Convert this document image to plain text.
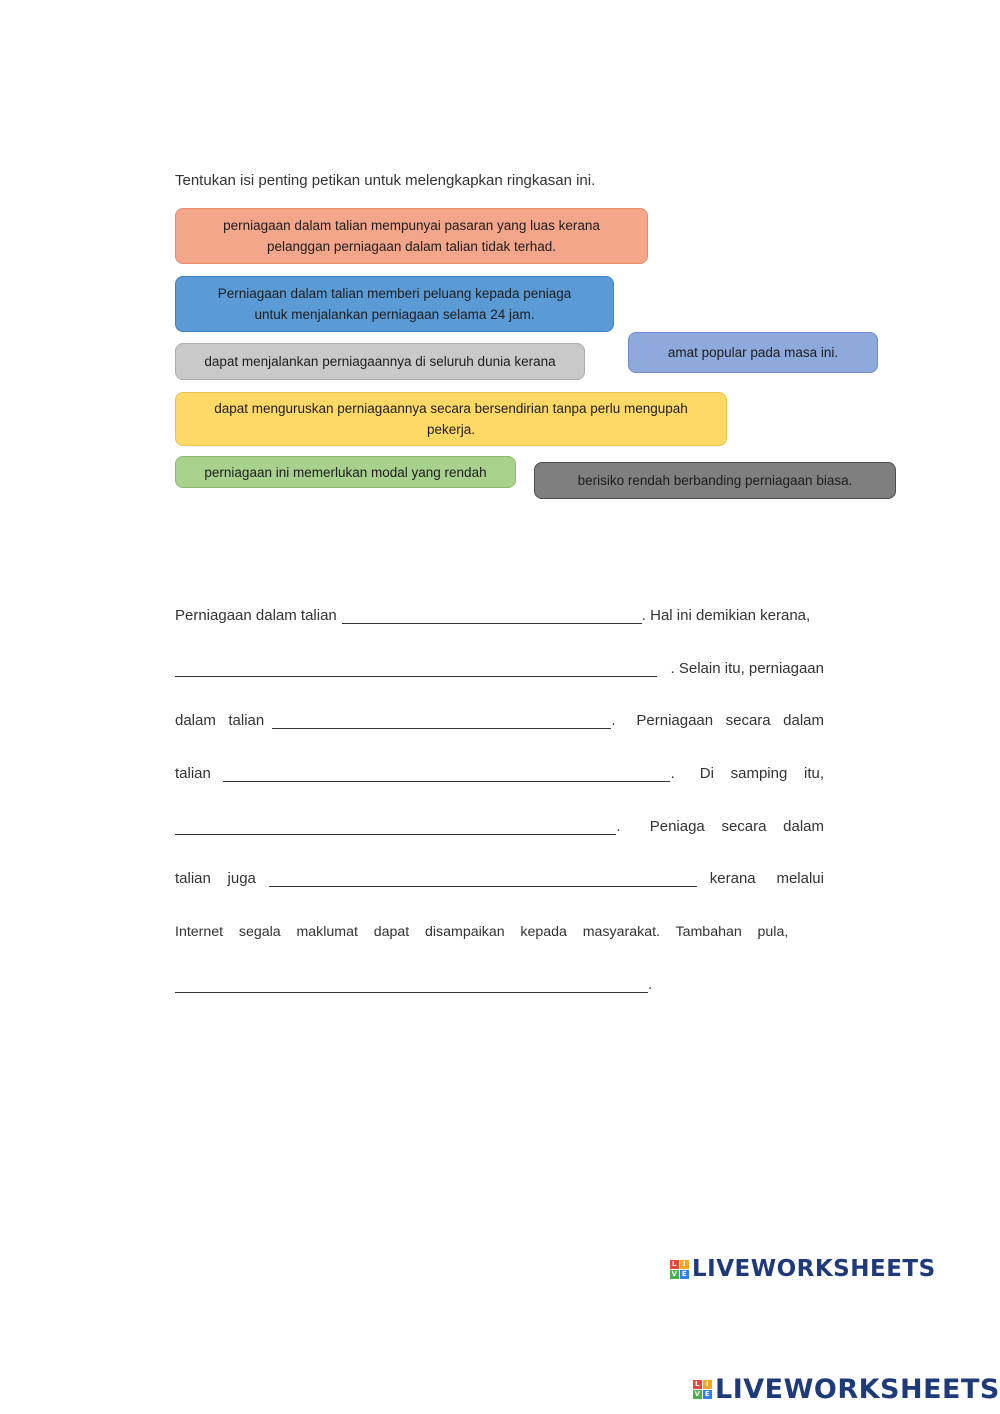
Tentukan isi penting petikan untuk melengkapkan ringkasan ini.
perniagaan dalam talian mempunyai pasaran yang luas kerana
pelanggan perniagaan dalam talian tidak terhad.
Perniagaan dalam talian memberi peluang kepada peniaga
untuk menjalankan perniagaan selama 24 jam.
dapat menjalankan perniagaannya di seluruh dunia kerana
amat popular pada masa ini.
dapat menguruskan perniagaannya secara bersendirian tanpa perlu mengupah
pekerja.
perniagaan ini memerlukan modal yang rendah
berisiko rendah berbanding perniagaan biasa.
Perniagaan dalam talian	. Hal ini demikian kerana,
. Selain itu, perniagaan
dalam   talian	.     Perniagaan   secara   dalam
talian	.      Di    samping    itu,
.       Peniaga    secara    dalam
talian    juga	kerana     melalui
Internet    segala    maklumat    dapat    disampaikan    kepada    masyarakat.    Tambahan    pula,
.
L I
V E LIVEWORKSHEETS
L I
V E LIVEWORKSHEETS
